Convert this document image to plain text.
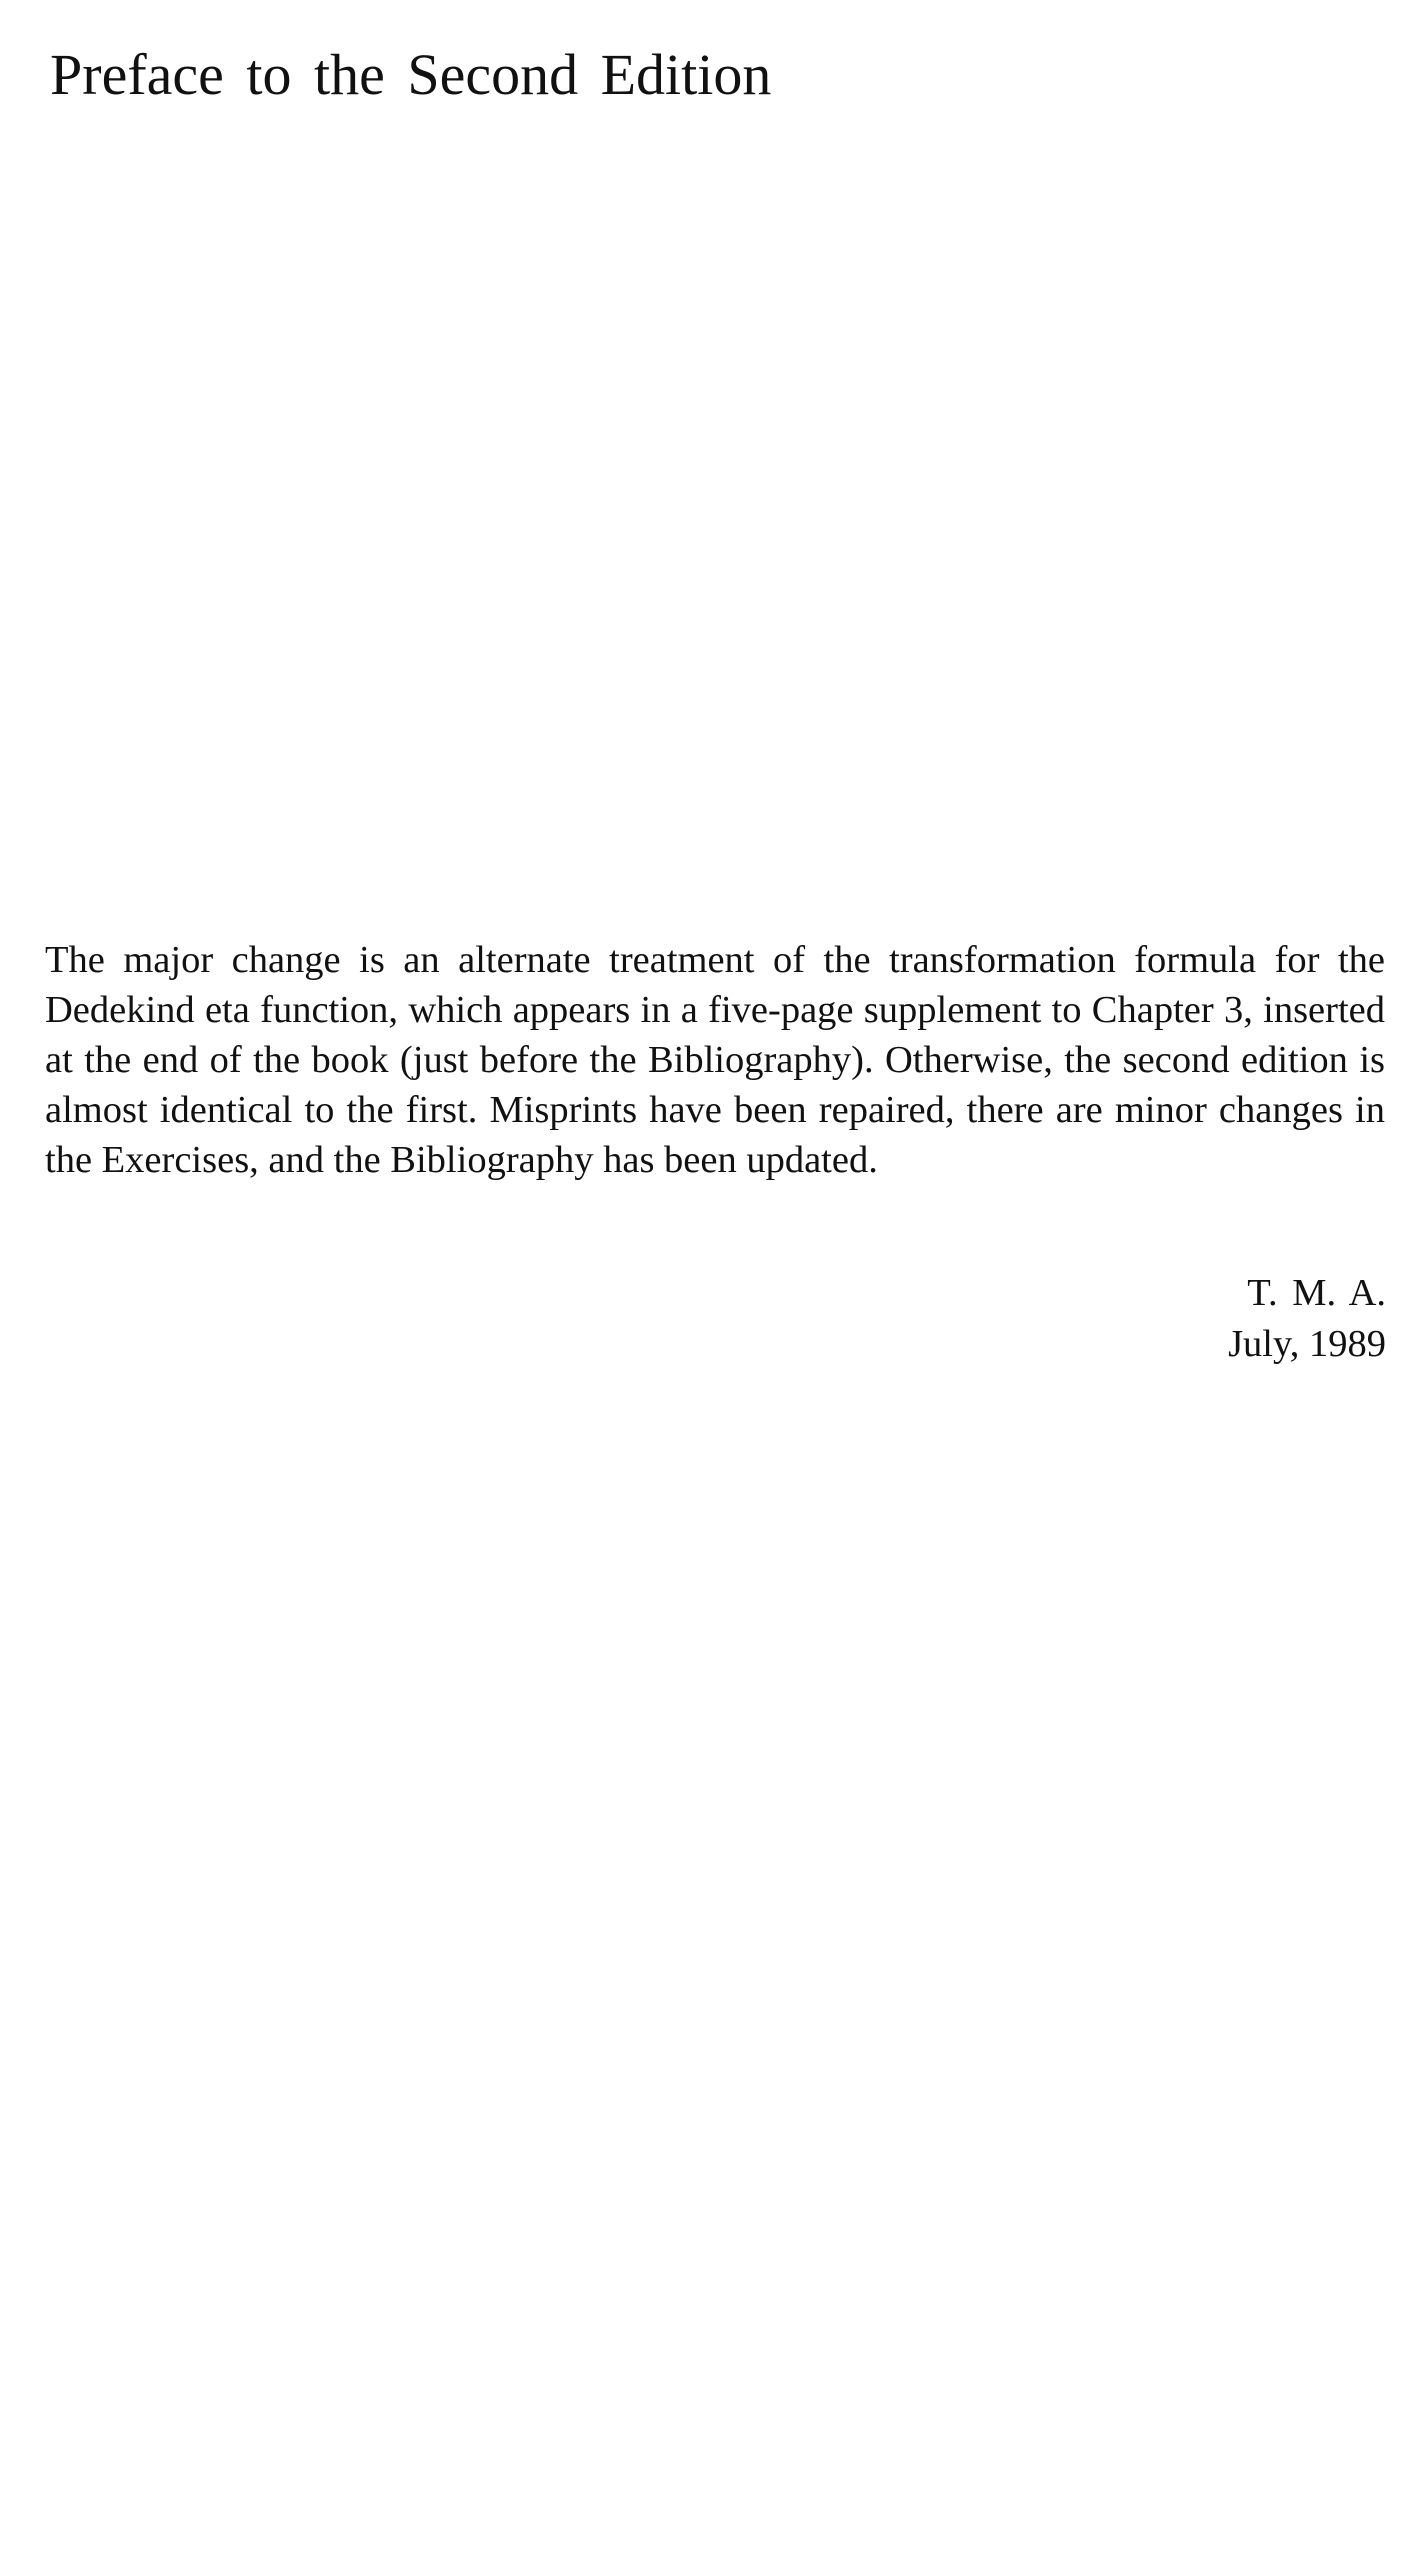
Preface to the Second Edition

The major change is an alternate treatment of the transformation formula for the Dedekind eta function, which appears in a five-page supplement to Chapter 3, inserted at the end of the book (just before the Bibliography). Otherwise, the second edition is almost identical to the first. Misprints have been repaired, there are minor changes in the Exercises, and the Bibliography has been updated.

T. M. A.
July, 1989
